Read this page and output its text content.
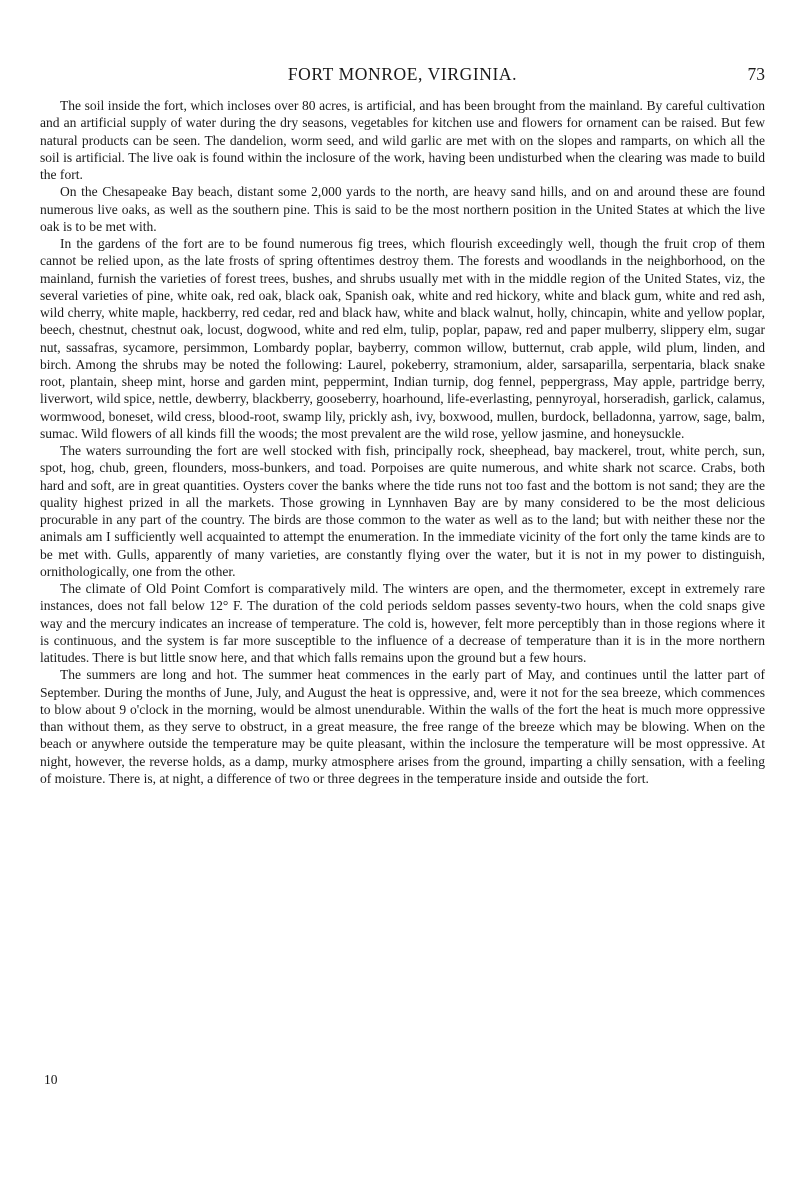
FORT MONROE, VIRGINIA.	73

The soil inside the fort, which incloses over 80 acres, is artificial, and has been brought from the mainland. By careful cultivation and an artificial supply of water during the dry seasons, vegetables for kitchen use and flowers for ornament can be raised. But few natural products can be seen. The dandelion, worm seed, and wild garlic are met with on the slopes and ramparts, on which all the soil is artificial. The live oak is found within the inclosure of the work, having been undisturbed when the clearing was made to build the fort.

On the Chesapeake Bay beach, distant some 2,000 yards to the north, are heavy sand hills, and on and around these are found numerous live oaks, as well as the southern pine. This is said to be the most northern position in the United States at which the live oak is to be met with.

In the gardens of the fort are to be found numerous fig trees, which flourish exceedingly well, though the fruit crop of them cannot be relied upon, as the late frosts of spring oftentimes destroy them. The forests and woodlands in the neighborhood, on the mainland, furnish the varieties of forest trees, bushes, and shrubs usually met with in the middle region of the United States, viz, the several varieties of pine, white oak, red oak, black oak, Spanish oak, white and red hickory, white and black gum, white and red ash, wild cherry, white maple, hackberry, red cedar, red and black haw, white and black walnut, holly, chincapin, white and yellow poplar, beech, chestnut, chestnut oak, locust, dogwood, white and red elm, tulip, poplar, papaw, red and paper mulberry, slippery elm, sugar nut, sassafras, sycamore, persimmon, Lombardy poplar, bayberry, common willow, butternut, crab apple, wild plum, linden, and birch. Among the shrubs may be noted the following: Laurel, pokeberry, stramonium, alder, sarsaparilla, serpentaria, black snake root, plantain, sheep mint, horse and garden mint, peppermint, Indian turnip, dog fennel, peppergrass, May apple, partridge berry, liverwort, wild spice, nettle, dewberry, blackberry, gooseberry, hoarhound, life-everlasting, pennyroyal, horseradish, garlick, calamus, wormwood, boneset, wild cress, blood-root, swamp lily, prickly ash, ivy, boxwood, mullen, burdock, belladonna, yarrow, sage, balm, sumac. Wild flowers of all kinds fill the woods; the most prevalent are the wild rose, yellow jasmine, and honeysuckle.

The waters surrounding the fort are well stocked with fish, principally rock, sheephead, bay mackerel, trout, white perch, sun, spot, hog, chub, green, flounders, moss-bunkers, and toad. Porpoises are quite numerous, and white shark not scarce. Crabs, both hard and soft, are in great quantities. Oysters cover the banks where the tide runs not too fast and the bottom is not sand; they are the quality highest prized in all the markets. Those growing in Lynnhaven Bay are by many considered to be the most delicious procurable in any part of the country. The birds are those common to the water as well as to the land; but with neither these nor the animals am I sufficiently well acquainted to attempt the enumeration. In the immediate vicinity of the fort only the tame kinds are to be met with. Gulls, apparently of many varieties, are constantly flying over the water, but it is not in my power to distinguish, ornithologically, one from the other.

The climate of Old Point Comfort is comparatively mild. The winters are open, and the thermometer, except in extremely rare instances, does not fall below 12° F. The duration of the cold periods seldom passes seventy-two hours, when the cold snaps give way and the mercury indicates an increase of temperature. The cold is, however, felt more perceptibly than in those regions where it is continuous, and the system is far more susceptible to the influence of a decrease of temperature than it is in the more northern latitudes. There is but little snow here, and that which falls remains upon the ground but a few hours.

The summers are long and hot. The summer heat commences in the early part of May, and continues until the latter part of September. During the months of June, July, and August the heat is oppressive, and, were it not for the sea breeze, which commences to blow about 9 o'clock in the morning, would be almost unendurable. Within the walls of the fort the heat is much more oppressive than without them, as they serve to obstruct, in a great measure, the free range of the breeze which may be blowing. When on the beach or anywhere outside the temperature may be quite pleasant, within the inclosure the temperature will be most oppressive. At night, however, the reverse holds, as a damp, murky atmosphere arises from the ground, imparting a chilly sensation, with a feeling of moisture. There is, at night, a difference of two or three degrees in the temperature inside and outside the fort.

10
